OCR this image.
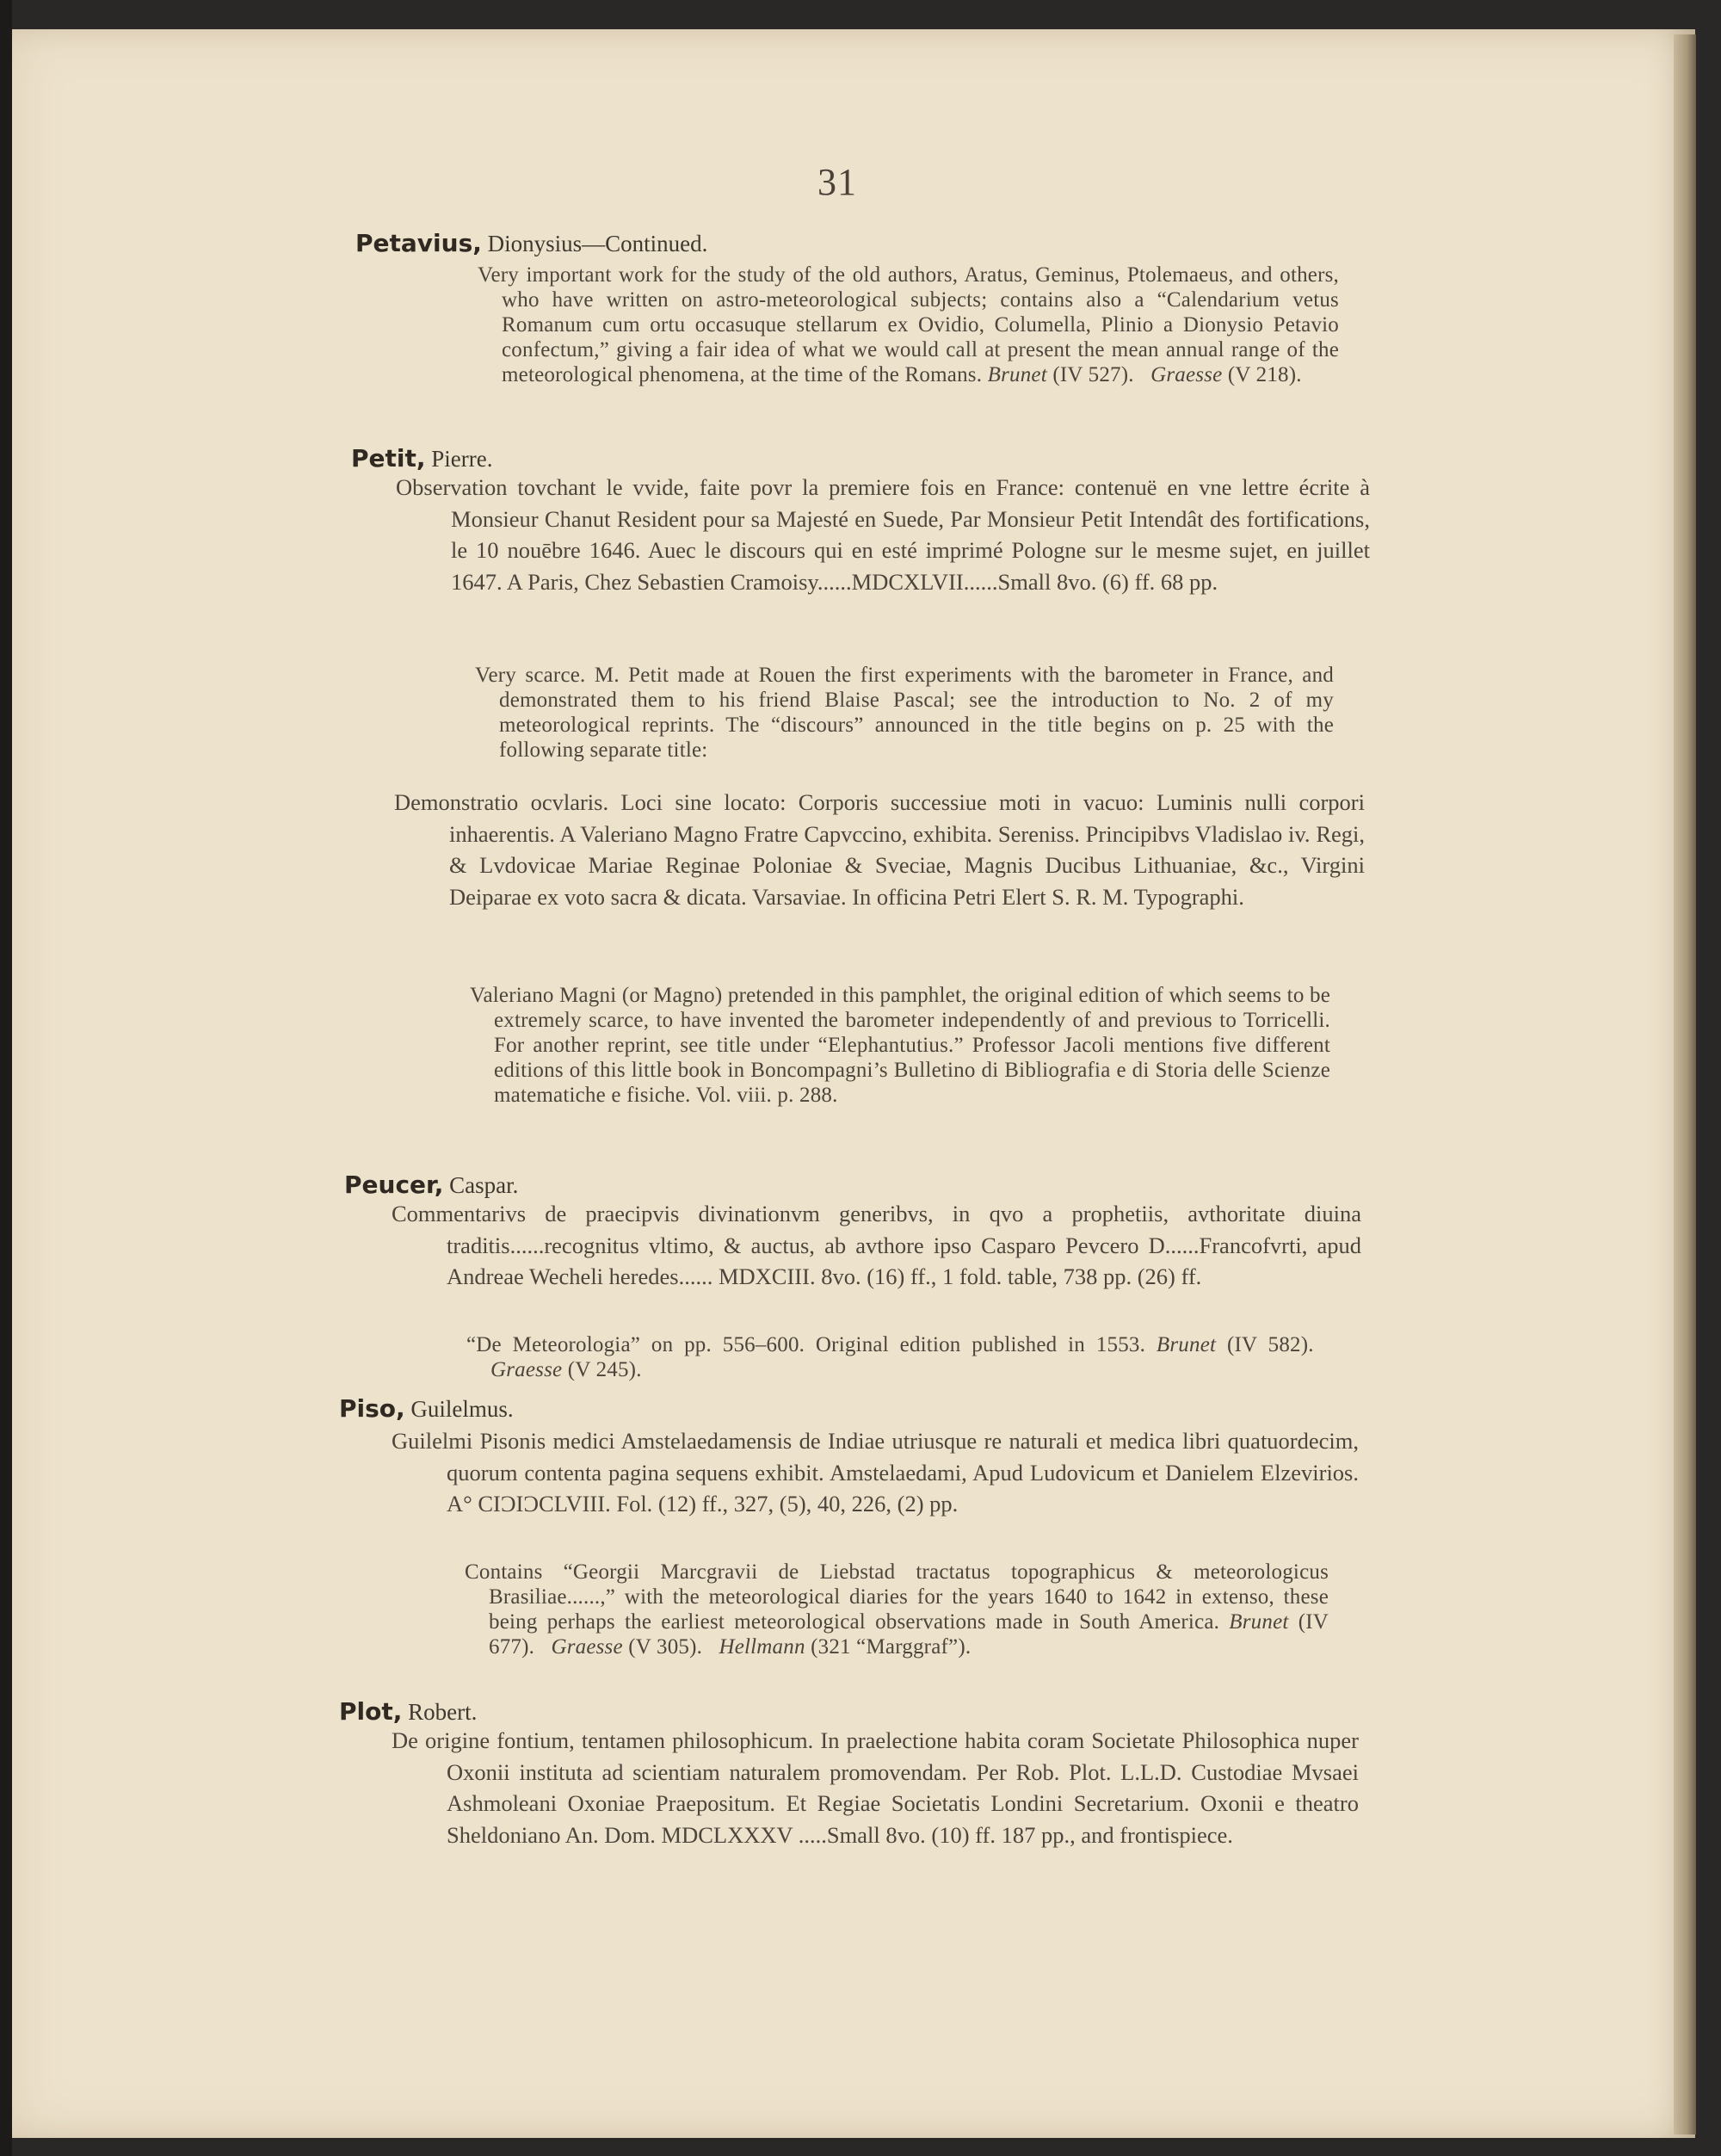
31
Petavius, Dionysius—Continued.

Very important work for the study of the old authors, Aratus, Geminus, Ptolemaeus, and others, who have written on astro-meteorological subjects; contains also a “Calendarium vetus Romanum cum ortu occasuque stellarum ex Ovidio, Columella, Plinio a Dionysio Petavio confectum,” giving a fair idea of what we would call at present the mean annual range of the meteorological phenomena, at the time of the Romans. Brunet (IV 527). Graesse (V 218).

Petit, Pierre.

Observation tovchant le vvide, faite povr la premiere fois en France: contenuë en vne lettre écrite à Monsieur Chanut Resident pour sa Majesté en Suede, Par Monsieur Petit Intendât des fortifications, le 10 nouēbre 1646. Auec le discours qui en esté imprimé Pologne sur le mesme sujet, en juillet 1647. A Paris, Chez Sebastien Cramoisy......MDCXLVII......Small 8vo. (6) ff. 68 pp.

Very scarce. M. Petit made at Rouen the first experiments with the barometer in France, and demonstrated them to his friend Blaise Pascal; see the introduction to No. 2 of my meteorological reprints. The “discours” announced in the title begins on p. 25 with the following separate title:

Demonstratio ocvlaris. Loci sine locato: Corporis successiue moti in vacuo: Luminis nulli corpori inhaerentis. A Valeriano Magno Fratre Capvccino, exhibita. Sereniss. Principibvs Vladislao iv. Regi, & Lvdovicae Mariae Reginae Poloniae & Sveciae, Magnis Ducibus Lithuaniae, &c., Virgini Deiparae ex voto sacra & dicata. Varsaviae. In officina Petri Elert S. R. M. Typographi.

Valeriano Magni (or Magno) pretended in this pamphlet, the original edition of which seems to be extremely scarce, to have invented the barometer independently of and previous to Torricelli. For another reprint, see title under “Elephantutius.” Professor Jacoli mentions five different editions of this little book in Boncompagni’s Bulletino di Bibliografia e di Storia delle Scienze matematiche e fisiche. Vol. viii. p. 288.

Peucer, Caspar.

Commentarivs de praecipvis divinationvm generibvs, in qvo a prophetiis, avthoritate diuina traditis......recognitus vltimo, & auctus, ab avthore ipso Casparo Pevcero D......Francofvrti, apud Andreae Wecheli heredes...... MDXCIII. 8vo. (16) ff., 1 fold. table, 738 pp. (26) ff.

“De Meteorologia” on pp. 556–600. Original edition published in 1553. Brunet (IV 582).   Graesse (V 245).

Piso, Guilelmus.

Guilelmi Pisonis medici Amstelaedamensis de Indiae utriusque re naturali et medica libri quatuordecim, quorum contenta pagina sequens exhibit. Amstelaedami, Apud Ludovicum et Danielem Elzevirios. A° CIƆIƆCLVIII. Fol. (12) ff., 327, (5), 40, 226, (2) pp.

Contains “Georgii Marcgravii de Liebstad tractatus topographicus & meteorologicus Brasiliae......,” with the meteorological diaries for the years 1640 to 1642 in extenso, these being perhaps the earliest meteorological observations made in South America. Brunet (IV 677). Graesse (V 305). Hellmann (321 “Marggraf”).

Plot, Robert.

De origine fontium, tentamen philosophicum. In praelectione habita coram Societate Philosophica nuper Oxonii instituta ad scientiam naturalem promovendam. Per Rob. Plot. L.L.D. Custodiae Mvsaei Ashmoleani Oxoniae Praepositum. Et Regiae Societatis Londini Secretarium. Oxonii e theatro Sheldoniano An. Dom. MDCLXXXV .....Small 8vo. (10) ff. 187 pp., and frontispiece.
